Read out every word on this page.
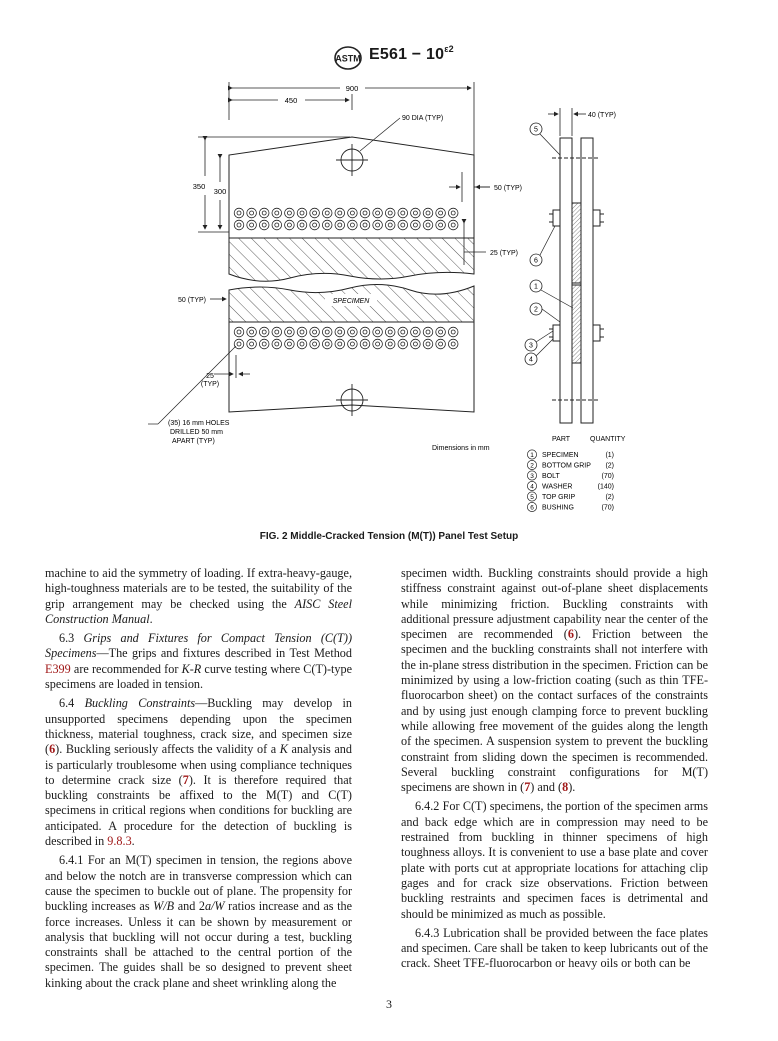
ASTM $E561 - 10^{\varepsilon 2}$
900
450
90 DIA (TYP)
350
300	50 (TYP)
25 (TYP)
SPECIMEN
50 (TYP)
25
(TYP)
(35) 16 mm HOLES
DRILLED 50 mm
APART (TYP)
Dimensions in mm
40 (TYP)
5
6
1
2
3
4
PART	QUANTITY
1 SPECIMEN	(1)
2 BOTTOM GRIP (2)
3 BOLT	(70)
4 WASHER	(140)
5 TOP GRIP	(2)
6 BUSHING	(70)
FIG. 2 Middle-Cracked Tension (M(T)) Panel Test Setup

machine to aid the symmetry of loading. If extra-heavy-gauge, high-toughness materials are to be tested, the suitability of the grip arrangement may be checked using the AISC Steel Construction Manual.

6.3 Grips and Fixtures for Compact Tension (C(T)) Specimens—The grips and fixtures described in Test Method E399 are recommended for K-R curve testing where C(T)-type specimens are loaded in tension.

6.4 Buckling Constraints—Buckling may develop in unsupported specimens depending upon the specimen thickness, material toughness, crack size, and specimen size (6). Buckling seriously affects the validity of a K analysis and is particularly troublesome when using compliance techniques to determine crack size (7). It is therefore required that buckling constraints be affixed to the M(T) and C(T) specimens in critical regions when conditions for buckling are anticipated. A procedure for the detection of buckling is described in 9.8.3.

6.4.1 For an M(T) specimen in tension, the regions above and below the notch are in transverse compression which can cause the specimen to buckle out of plane. The propensity for buckling increases as W/B and 2a/W ratios increase and as the force increases. Unless it can be shown by measurement or analysis that buckling will not occur during a test, buckling constraints shall be attached to the central portion of the specimen. The guides shall be so designed to prevent sheet kinking about the crack plane and sheet wrinkling along the

specimen width. Buckling constraints should provide a high stiffness constraint against out-of-plane sheet displacements while minimizing friction. Buckling constraints with additional pressure adjustment capability near the center of the specimen are recommended (6). Friction between the specimen and the buckling constraints shall not interfere with the in-plane stress distribution in the specimen. Friction can be minimized by using a low-friction coating (such as thin TFE-fluorocarbon sheet) on the contact surfaces of the constraints and by using just enough clamping force to prevent buckling while allowing free movement of the guides along the length of the specimen. A suspension system to prevent the buckling constraint from sliding down the specimen is recommended. Several buckling constraint configurations for M(T) specimens are shown in (7) and (8).

6.4.2 For C(T) specimens, the portion of the specimen arms and back edge which are in compression may need to be restrained from buckling in thinner specimens of high toughness alloys. It is convenient to use a base plate and cover plate with ports cut at appropriate locations for attaching clip gages and for crack size observations. Friction between buckling restraints and specimen faces is detrimental and should be minimized as much as possible.

6.4.3 Lubrication shall be provided between the face plates and specimen. Care shall be taken to keep lubricants out of the crack. Sheet TFE-fluorocarbon or heavy oils or both can be

3
